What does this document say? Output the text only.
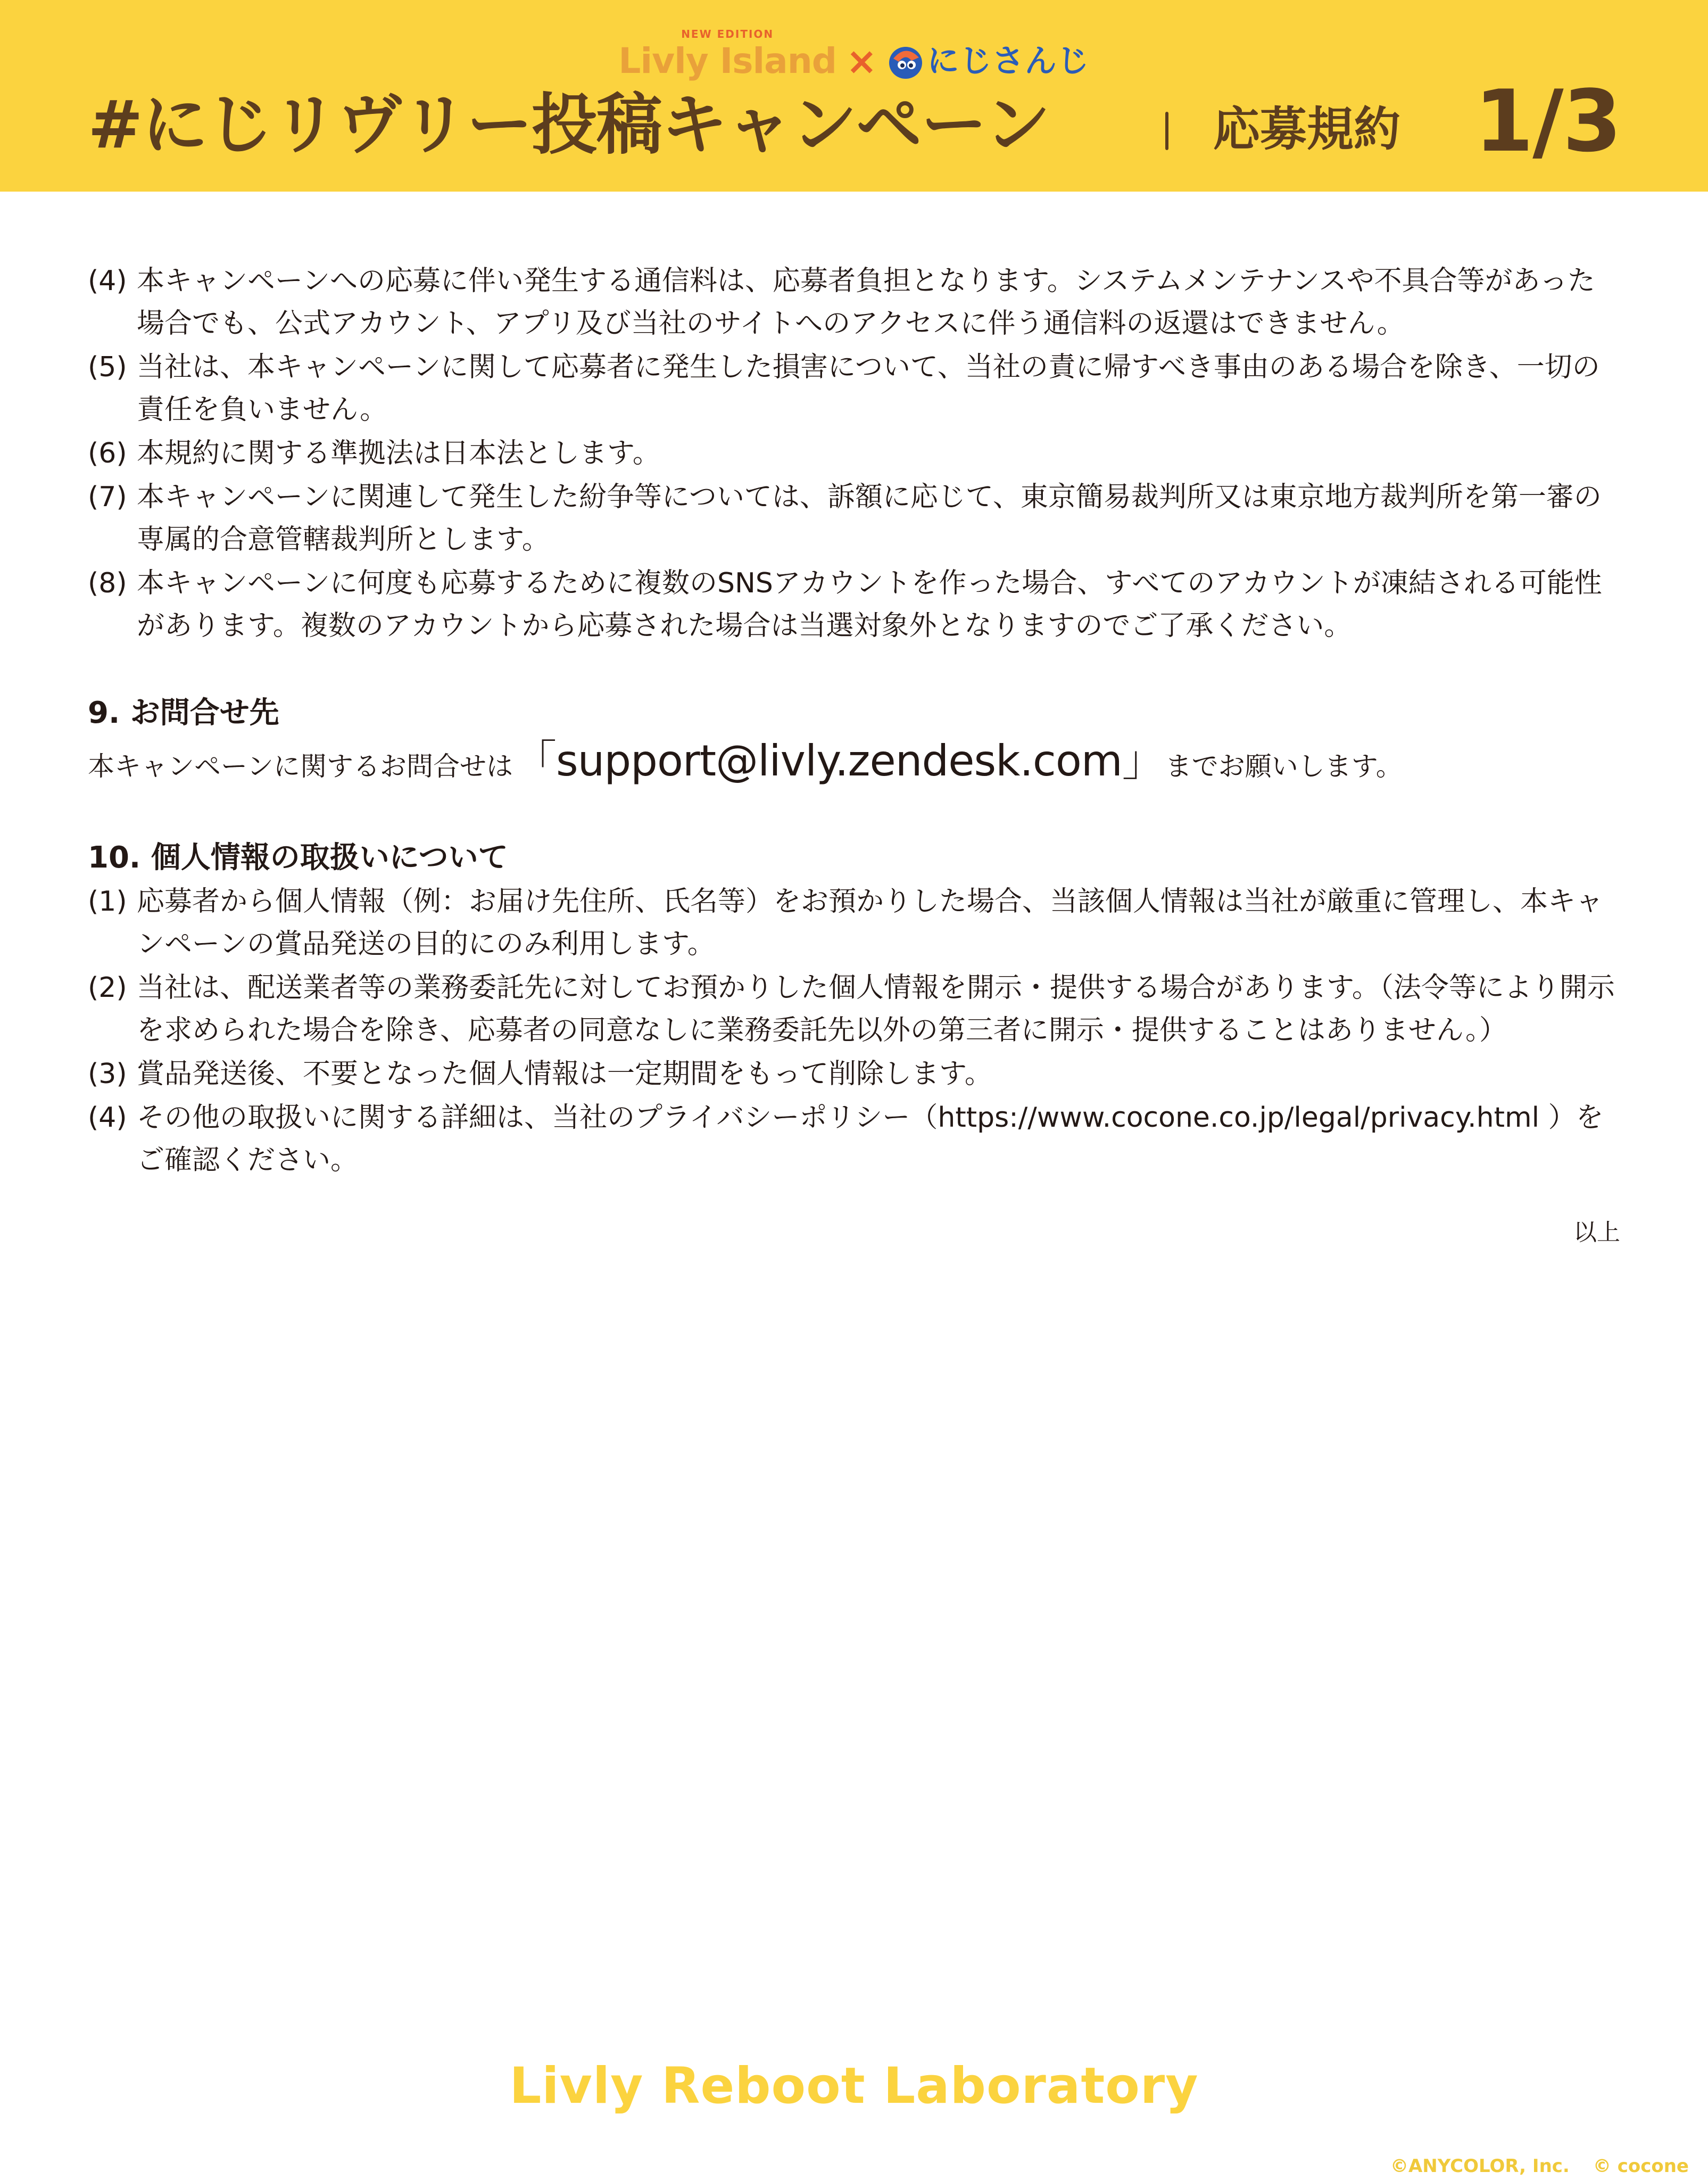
NEW EDITION
Livly Island × にじさんじ
#にじリヴリー投稿キャンペーン	応募規約 1/3
(4) 本キャンペーンへの応募に伴い発生する通信料は、応募者負担となります。システムメンテナンスや不具合等があった場合でも、公式アカウント、アプリ及び当社のサイトへのアクセスに伴う通信料の返還はできません。
(5) 当社は、本キャンペーンに関して応募者に発生した損害について、当社の責に帰すべき事由のある場合を除き、一切の責任を負いません。
(6) 本規約に関する準拠法は日本法とします。
(7) 本キャンペーンに関連して発生した紛争等については、訴額に応じて、東京簡易裁判所又は東京地方裁判所を第一審の専属的合意管轄裁判所とします。
(8) 本キャンペーンに何度も応募するために複数のSNSアカウントを作った場合、すべてのアカウントが凍結される可能性があります。複数のアカウントから応募された場合は当選対象外となりますのでご了承ください。
9. お問合せ先
本キャンペーンに関するお問合せは「support@livly.zendesk.com」までお願いします。
10. 個人情報の取扱いについて
(1) 応募者から個人情報（例：お届け先住所、氏名等）をお預かりした場合、当該個人情報は当社が厳重に管理し、本キャンペーンの賞品発送の目的にのみ利用します。
(2) 当社は、配送業者等の業務委託先に対してお預かりした個人情報を開示・提供する場合があります。（法令等により開示を求められた場合を除き、応募者の同意なしに業務委託先以外の第三者に開示・提供することはありません。）
(3) 賞品発送後、不要となった個人情報は一定期間をもって削除します。
(4) その他の取扱いに関する詳細は、当社のプライバシーポリシー（https://www.cocone.co.jp/legal/privacy.html ）をご確認ください。
以上
Livly Reboot Laboratory
©ANYCOLOR, Inc. © cocone
